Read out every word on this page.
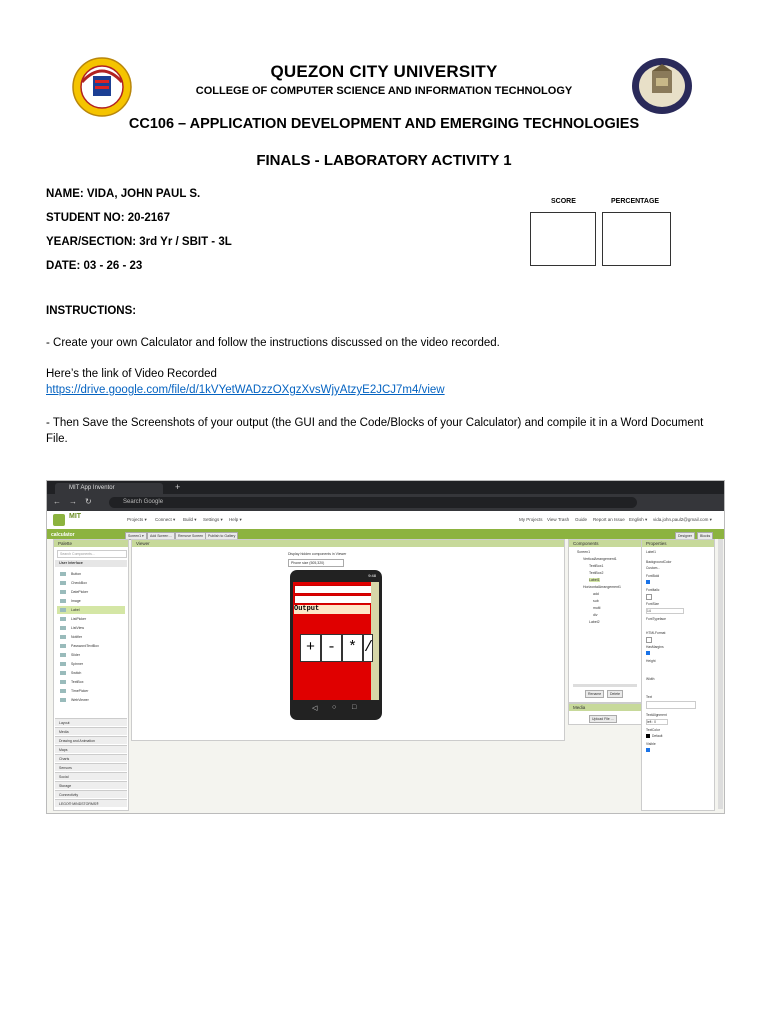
QUEZON CITY UNIVERSITY
COLLEGE OF COMPUTER SCIENCE AND INFORMATION TECHNOLOGY
CC106 – APPLICATION DEVELOPMENT AND EMERGING TECHNOLOGIES
FINALS - LABORATORY ACTIVITY 1
NAME: VIDA, JOHN PAUL S.
STUDENT NO: 20-2167
YEAR/SECTION: 3rd Yr / SBIT - 3L
DATE: 03 - 26 - 23
SCORE	PERCENTAGE
INSTRUCTIONS:
- Create your own Calculator and follow the instructions discussed on the video recorded.
Here’s the link of Video Recorded
https://drive.google.com/file/d/1kVYetWADzzOXgzXvsWjyAtzyE2JCJ7m4/view
- Then Save the Screenshots of your output (the GUI and the Code/Blocks of your Calculator) and compile it in a Word Document File.
MIT App Inventor	+
← → ↻	Search Google
MIT	Projects ▾ Connect ▾ Build ▾ Settings ▾ Help ▾	My Projects View Trash Guide Report an Issue English ▾ vida.john.paul2@gmail.com ▾
calculator	Screen1 ▾	Add Screen ...	Remove Screen	Publish to Gallery	Designer	Blocks
Palette
Search Components...
User Interface
Button
CheckBox
DatePicker
Image
Label
ListPicker
ListView
Notifier
PasswordTextBox
Slider
Spinner
Switch
TextBox
TimePicker
WebViewer
Layout
Media
Drawing and Animation
Maps
Charts
Sensors
Social
Storage
Connectivity
LEGO® MINDSTORMS®
Viewer
Display hidden components in Viewer
Phone size (505,320)
9:48
Output
+ - * /
◁ ○ □
Components
Screen1
VerticalArrangement1
TextBox1
TextBox2
Label1
HorizontalArrangement1
add
sub
multi
div
Label2
Rename	Delete
Media
Upload File ...
Properties
Label1
BackgroundColor
Custom...
FontBold
FontItalic
FontSize
14
FontTypeface
HTMLFormat
HasMargins
Height
Width
Text
TextAlignment
left : 0
TextColor
Default
Visible
